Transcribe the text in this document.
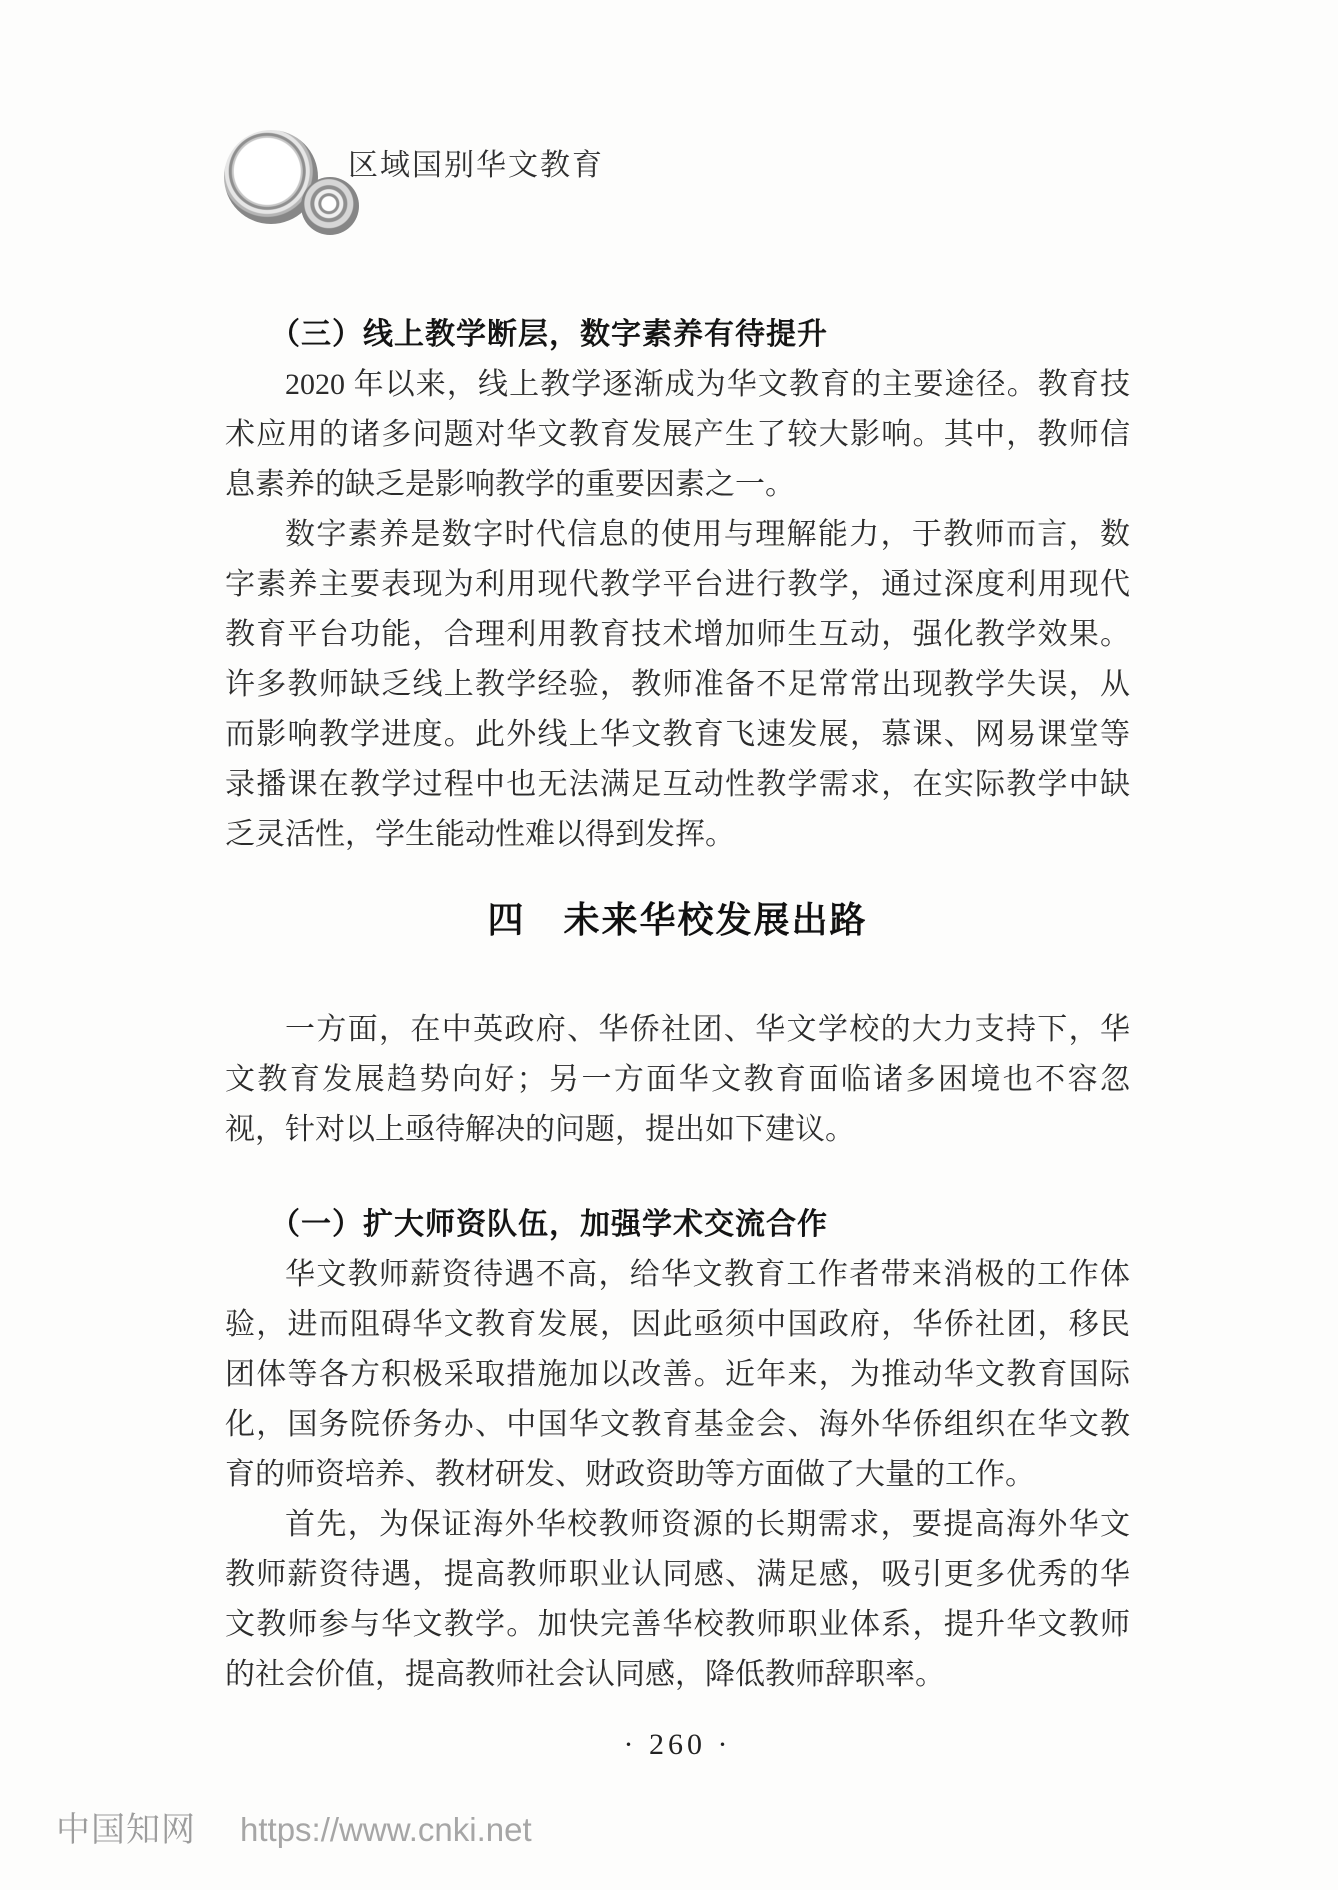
区域国别华文教育
（三）线上教学断层，数字素养有待提升
2020 年以来，线上教学逐渐成为华文教育的主要途径。教育技
术应用的诸多问题对华文教育发展产生了较大影响。其中，教师信
息素养的缺乏是影响教学的重要因素之一。
数字素养是数字时代信息的使用与理解能力，于教师而言，数
字素养主要表现为利用现代教学平台进行教学，通过深度利用现代
教育平台功能，合理利用教育技术增加师生互动，强化教学效果。
许多教师缺乏线上教学经验，教师准备不足常常出现教学失误，从
而影响教学进度。此外线上华文教育飞速发展，慕课、网易课堂等
录播课在教学过程中也无法满足互动性教学需求，在实际教学中缺
乏灵活性，学生能动性难以得到发挥。
四　未来华校发展出路
一方面，在中英政府、华侨社团、华文学校的大力支持下，华
文教育发展趋势向好；另一方面华文教育面临诸多困境也不容忽
视，针对以上亟待解决的问题，提出如下建议。
（一）扩大师资队伍，加强学术交流合作
华文教师薪资待遇不高，给华文教育工作者带来消极的工作体
验，进而阻碍华文教育发展，因此亟须中国政府，华侨社团，移民
团体等各方积极采取措施加以改善。近年来，为推动华文教育国际
化，国务院侨务办、中国华文教育基金会、海外华侨组织在华文教
育的师资培养、教材研发、财政资助等方面做了大量的工作。
首先，为保证海外华校教师资源的长期需求，要提高海外华文
教师薪资待遇，提高教师职业认同感、满足感，吸引更多优秀的华
文教师参与华文教学。加快完善华校教师职业体系，提升华文教师
的社会价值，提高教师社会认同感，降低教师辞职率。
· 260 ·
中国知网 https://www.cnki.net
